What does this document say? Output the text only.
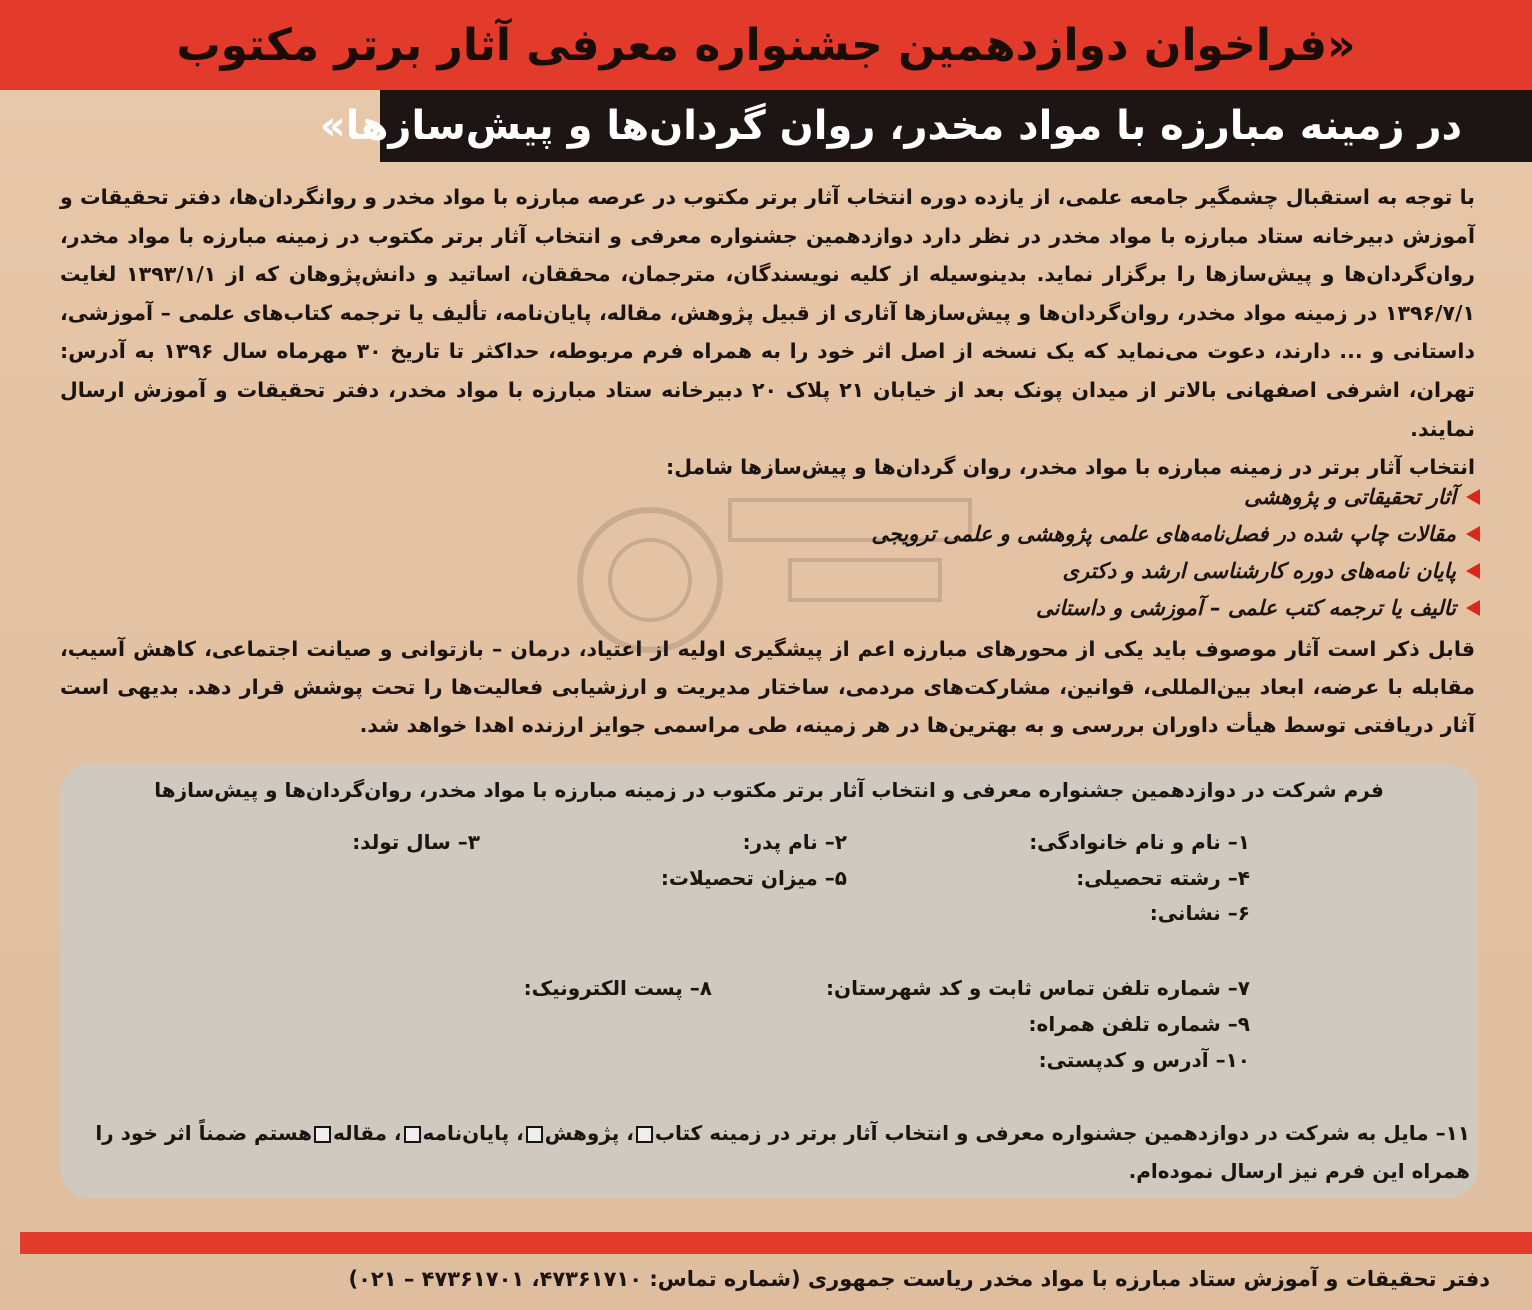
«فراخوان دوازدهمین جشنواره معرفی آثار برتر مکتوب
در زمینه مبارزه با مواد مخدر، روان گردان‌ها و پیش‌سازها»

با توجه به استقبال چشمگیر جامعه علمی، از یازده دوره انتخاب آثار برتر مکتوب در عرصه مبارزه با مواد مخدر و روانگردان‌ها، دفتر تحقیقات و آموزش دبیرخانه ستاد مبارزه با مواد مخدر در نظر دارد دوازدهمین جشنواره معرفی و انتخاب آثار برتر مکتوب در زمینه مبارزه با مواد مخدر، روان‌گردان‌ها و پیش‌سازها را برگزار نماید. بدینوسیله از کلیه نویسندگان، مترجمان، محققان، اساتید و دانش‌پژوهان که از ۱۳۹۳/۱/۱ لغایت ۱۳۹۶/۷/۱ در زمینه مواد مخدر، روان‌گردان‌ها و پیش‌سازها آثاری از قبیل پژوهش، مقاله، پایان‌نامه، تألیف یا ترجمه کتاب‌های علمی – آموزشی، داستانی و ... دارند، دعوت می‌نماید که یک نسخه از اصل اثر خود را به همراه فرم مربوطه، حداکثر تا تاریخ ۳۰ مهرماه سال ۱۳۹۶ به آدرس: تهران، اشرفی اصفهانی بالاتر از میدان پونک بعد از خیابان ۲۱ پلاک ۲۰ دبیرخانه ستاد مبارزه با مواد مخدر، دفتر تحقیقات و آموزش ارسال نمایند.

انتخاب آثار برتر در زمینه مبارزه با مواد مخدر، روان گردان‌ها و پیش‌سازها شامل:

آثار تحقیقاتی و پژوهشی
مقالات چاپ شده در فصل‌نامه‌های علمی پژوهشی و علمی ترویجی
پایان نامه‌های دوره کارشناسی ارشد و دکتری
تالیف یا ترجمه کتب علمی – آموزشی و داستانی
قابل ذکر است آثار موصوف باید یکی از محورهای مبارزه اعم از پیشگیری اولیه از اعتیاد، درمان – بازتوانی و صیانت اجتماعی، کاهش آسیب، مقابله با عرضه، ابعاد بین‌المللی، قوانین، مشارکت‌های مردمی، ساختار مدیریت و ارزشیابی فعالیت‌ها را تحت پوشش قرار دهد. بدیهی است آثار دریافتی توسط هیأت داوران بررسی و به بهترین‌ها در هر زمینه، طی مراسمی جوایز ارزنده اهدا خواهد شد.
فرم شرکت در دوازدهمین جشنواره معرفی و انتخاب آثار برتر مکتوب در زمینه مبارزه با مواد مخدر، روان‌گردان‌ها و پیش‌سازها
۱– نام و نام خانوادگی:
۲– نام پدر:
۳– سال تولد:
۴– رشته تحصیلی:
۵– میزان تحصیلات:
۶– نشانی:
۷– شماره تلفن تماس ثابت و کد شهرستان:
۸– پست الکترونیک:
۹– شماره تلفن همراه:
۱۰– آدرس و کدپستی:
۱۱– مایل به شرکت در دوازدهمین جشنواره معرفی و انتخاب آثار برتر در زمینه کتاب، پژوهش، پایان‌نامه، مقالههستم ضمناً اثر خود را
همراه این فرم نیز ارسال نموده‌ام.
دفتر تحقیقات و آموزش ستاد مبارزه با مواد مخدر ریاست جمهوری (شماره تماس: ۴۷۳۶۱۷۱۰، ۴۷۳۶۱۷۰۱ – ۰۲۱)
